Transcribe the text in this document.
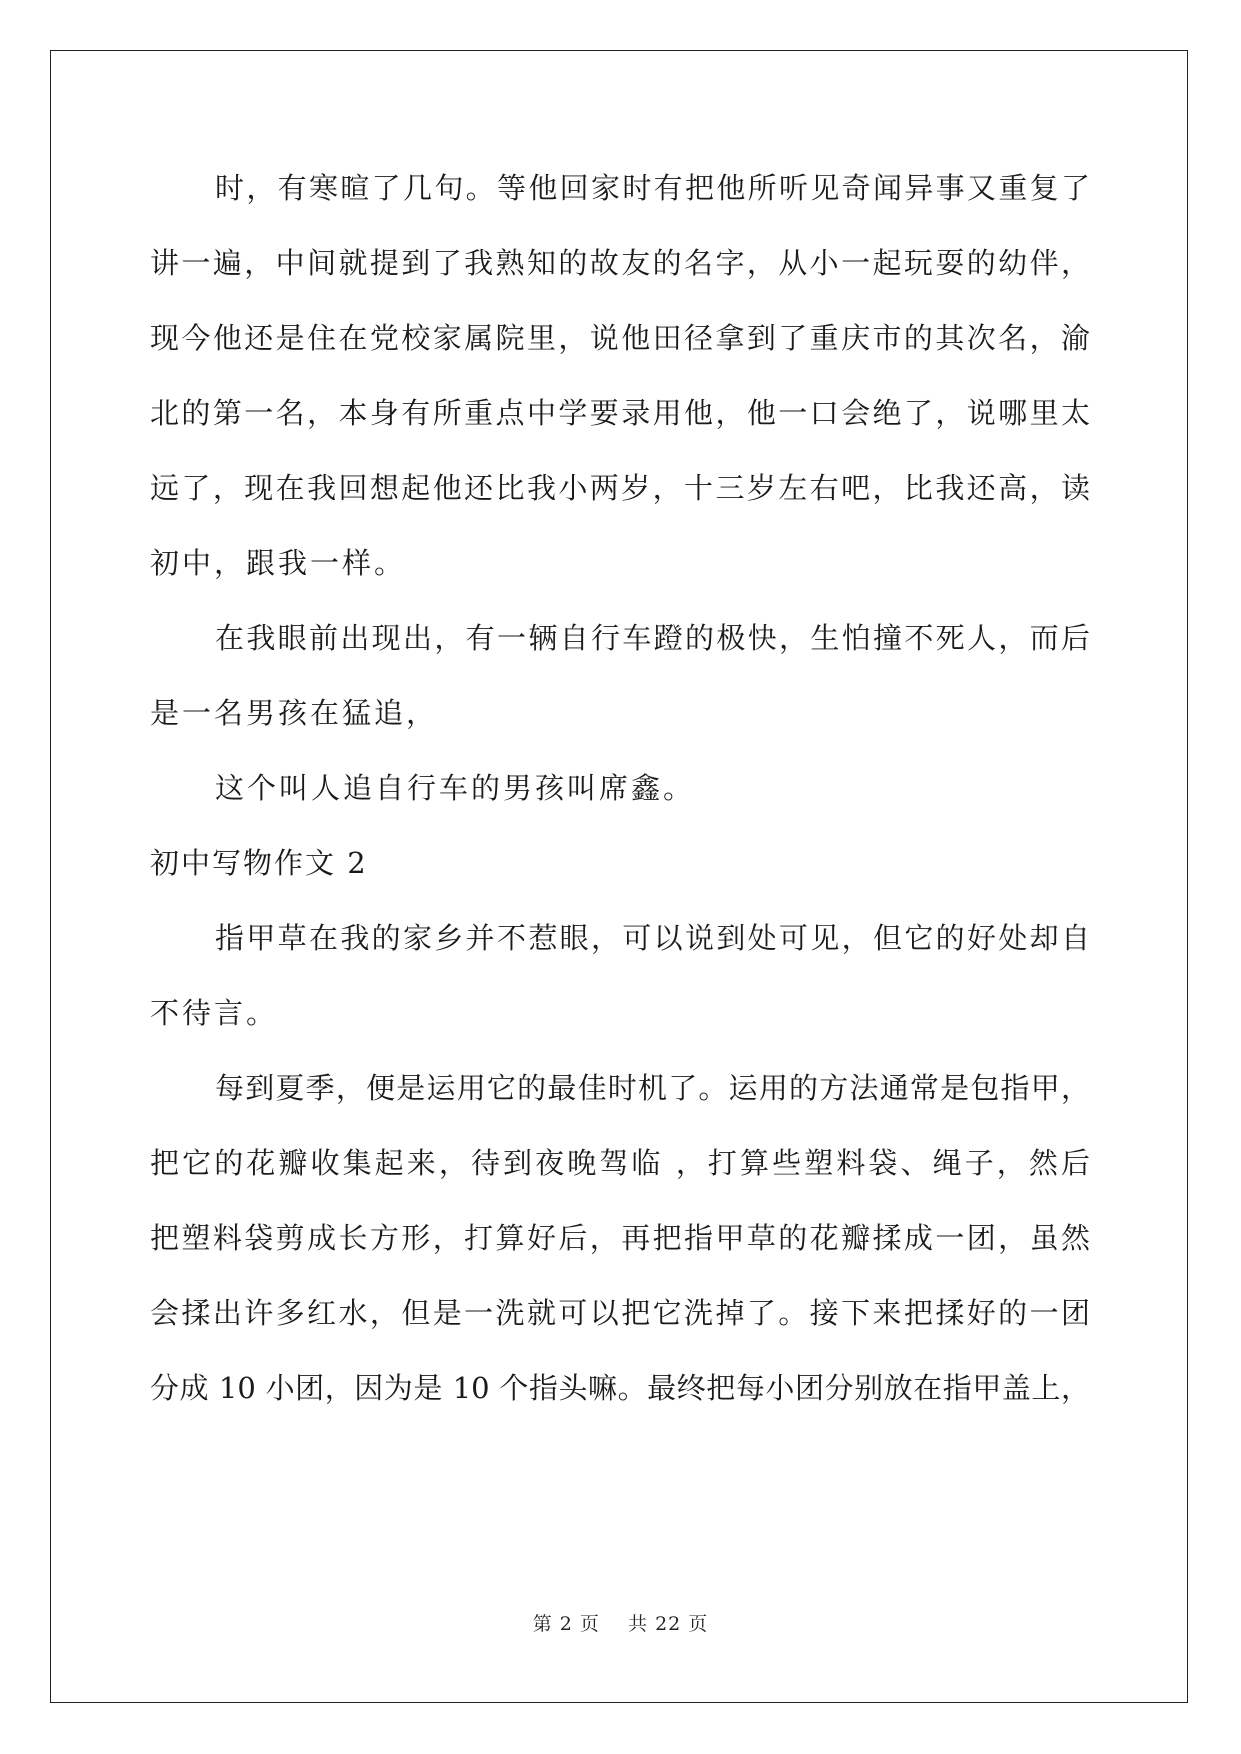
时，有寒暄了几句。等他回家时有把他所听见奇闻异事又重复了
讲一遍，中间就提到了我熟知的故友的名字，从小一起玩耍的幼伴，
现今他还是住在党校家属院里，说他田径拿到了重庆市的其次名，渝
北的第一名，本身有所重点中学要录用他，他一口会绝了，说哪里太
远了，现在我回想起他还比我小两岁，十三岁左右吧，比我还高，读
初中，跟我一样。
在我眼前出现出，有一辆自行车蹬的极快，生怕撞不死人，而后
是一名男孩在猛追，
这个叫人追自行车的男孩叫席鑫。
初中写物作文 2
指甲草在我的家乡并不惹眼，可以说到处可见，但它的好处却自
不待言。
每到夏季，便是运用它的最佳时机了。运用的方法通常是包指甲，
把它的花瓣收集起来，待到夜晚驾临 ，打算些塑料袋、绳子，然后
把塑料袋剪成长方形，打算好后，再把指甲草的花瓣揉成一团，虽然
会揉出许多红水，但是一洗就可以把它洗掉了。接下来把揉好的一团
分成 10 小团，因为是 10 个指头嘛。最终把每小团分别放在指甲盖上，
第 2 页 共 22 页
